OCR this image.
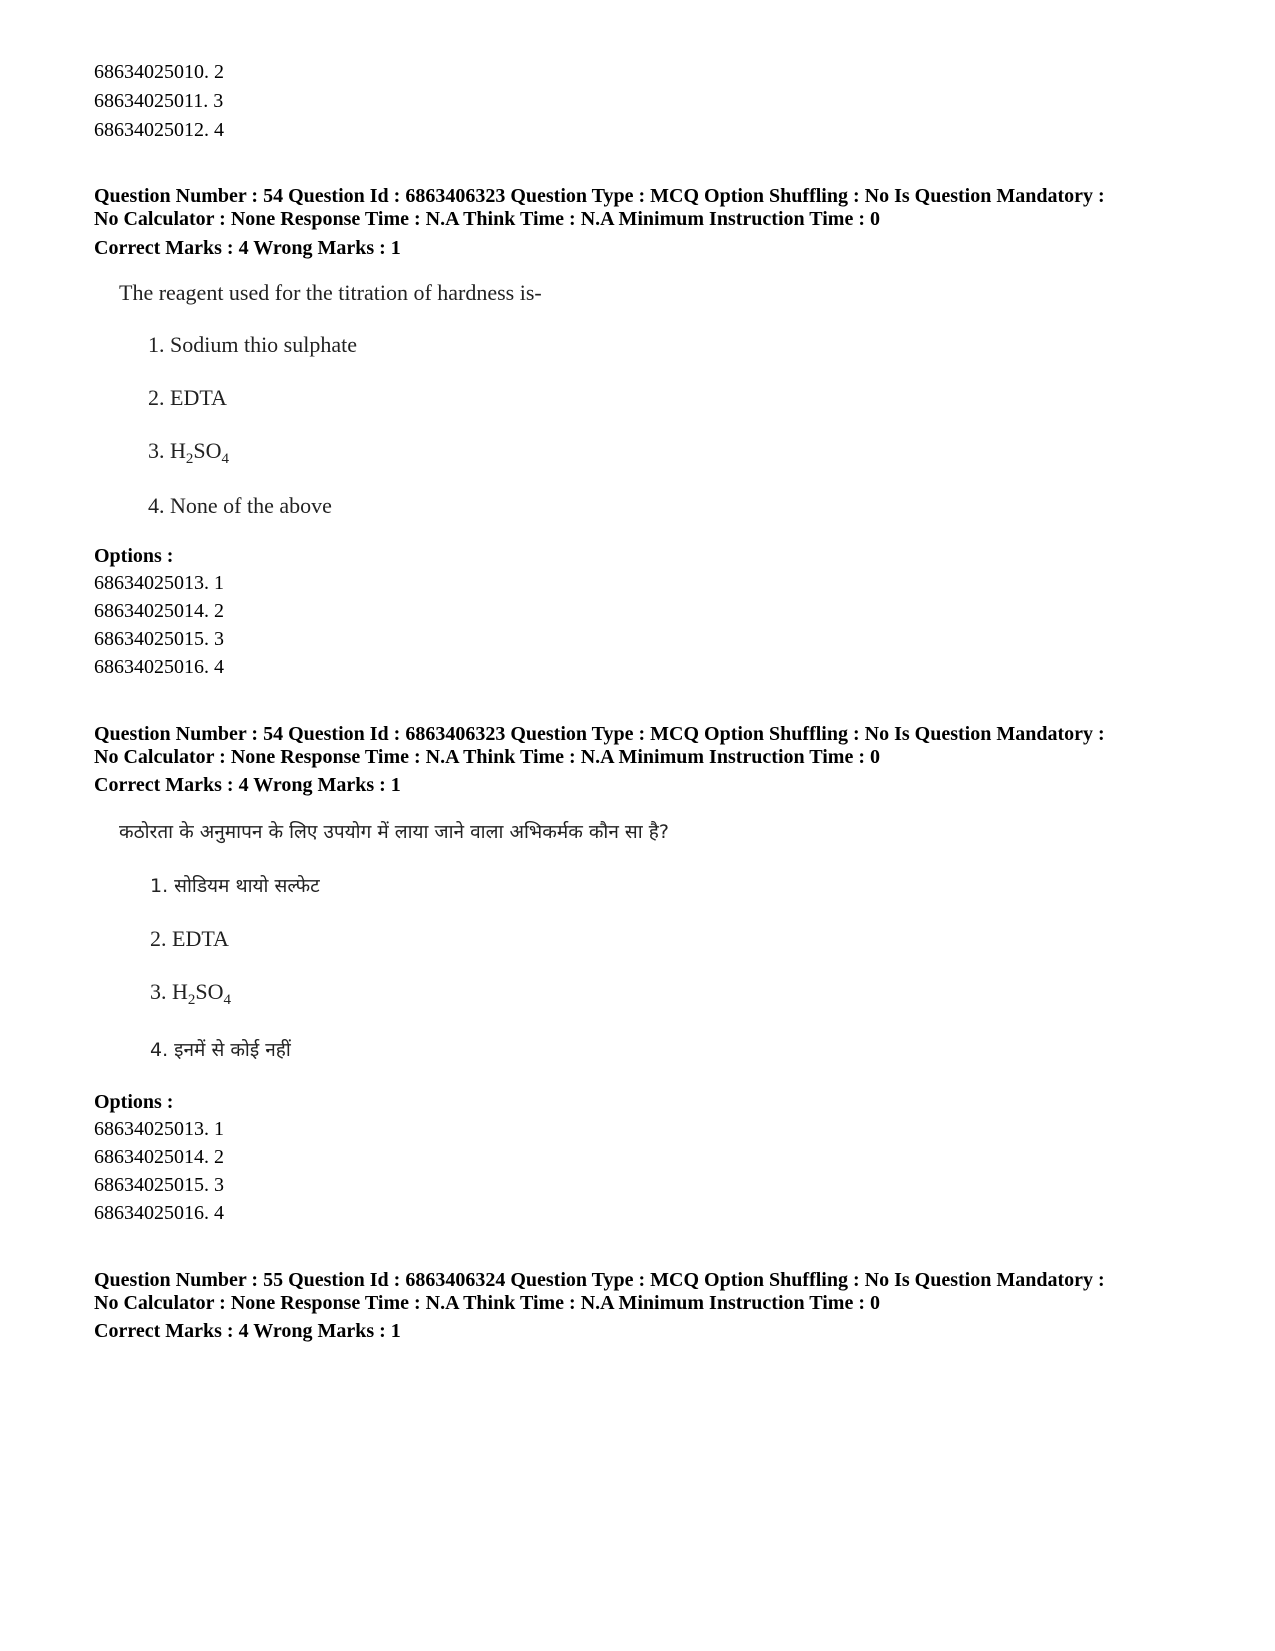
68634025010. 2
68634025011. 3
68634025012. 4
Question Number : 54 Question Id : 6863406323 Question Type : MCQ Option Shuffling : No Is Question Mandatory :
No Calculator : None Response Time : N.A Think Time : N.A Minimum Instruction Time : 0
Correct Marks : 4 Wrong Marks : 1
The reagent used for the titration of hardness is-
1. Sodium thio sulphate
2. EDTA
3. $H_2SO_4$
4. None of the above
Options :
68634025013. 1
68634025014. 2
68634025015. 3
68634025016. 4
Question Number : 54 Question Id : 6863406323 Question Type : MCQ Option Shuffling : No Is Question Mandatory :
No Calculator : None Response Time : N.A Think Time : N.A Minimum Instruction Time : 0
Correct Marks : 4 Wrong Marks : 1
कठोरता के अनुमापन के लिए उपयोग में लाया जाने वाला अभिकर्मक कौन सा है?
1. सोडियम थायो सल्फेट
2. EDTA
3. $H_2SO_4$
4. इनमें से कोई नहीं
Options :
68634025013. 1
68634025014. 2
68634025015. 3
68634025016. 4
Question Number : 55 Question Id : 6863406324 Question Type : MCQ Option Shuffling : No Is Question Mandatory :
No Calculator : None Response Time : N.A Think Time : N.A Minimum Instruction Time : 0
Correct Marks : 4 Wrong Marks : 1
